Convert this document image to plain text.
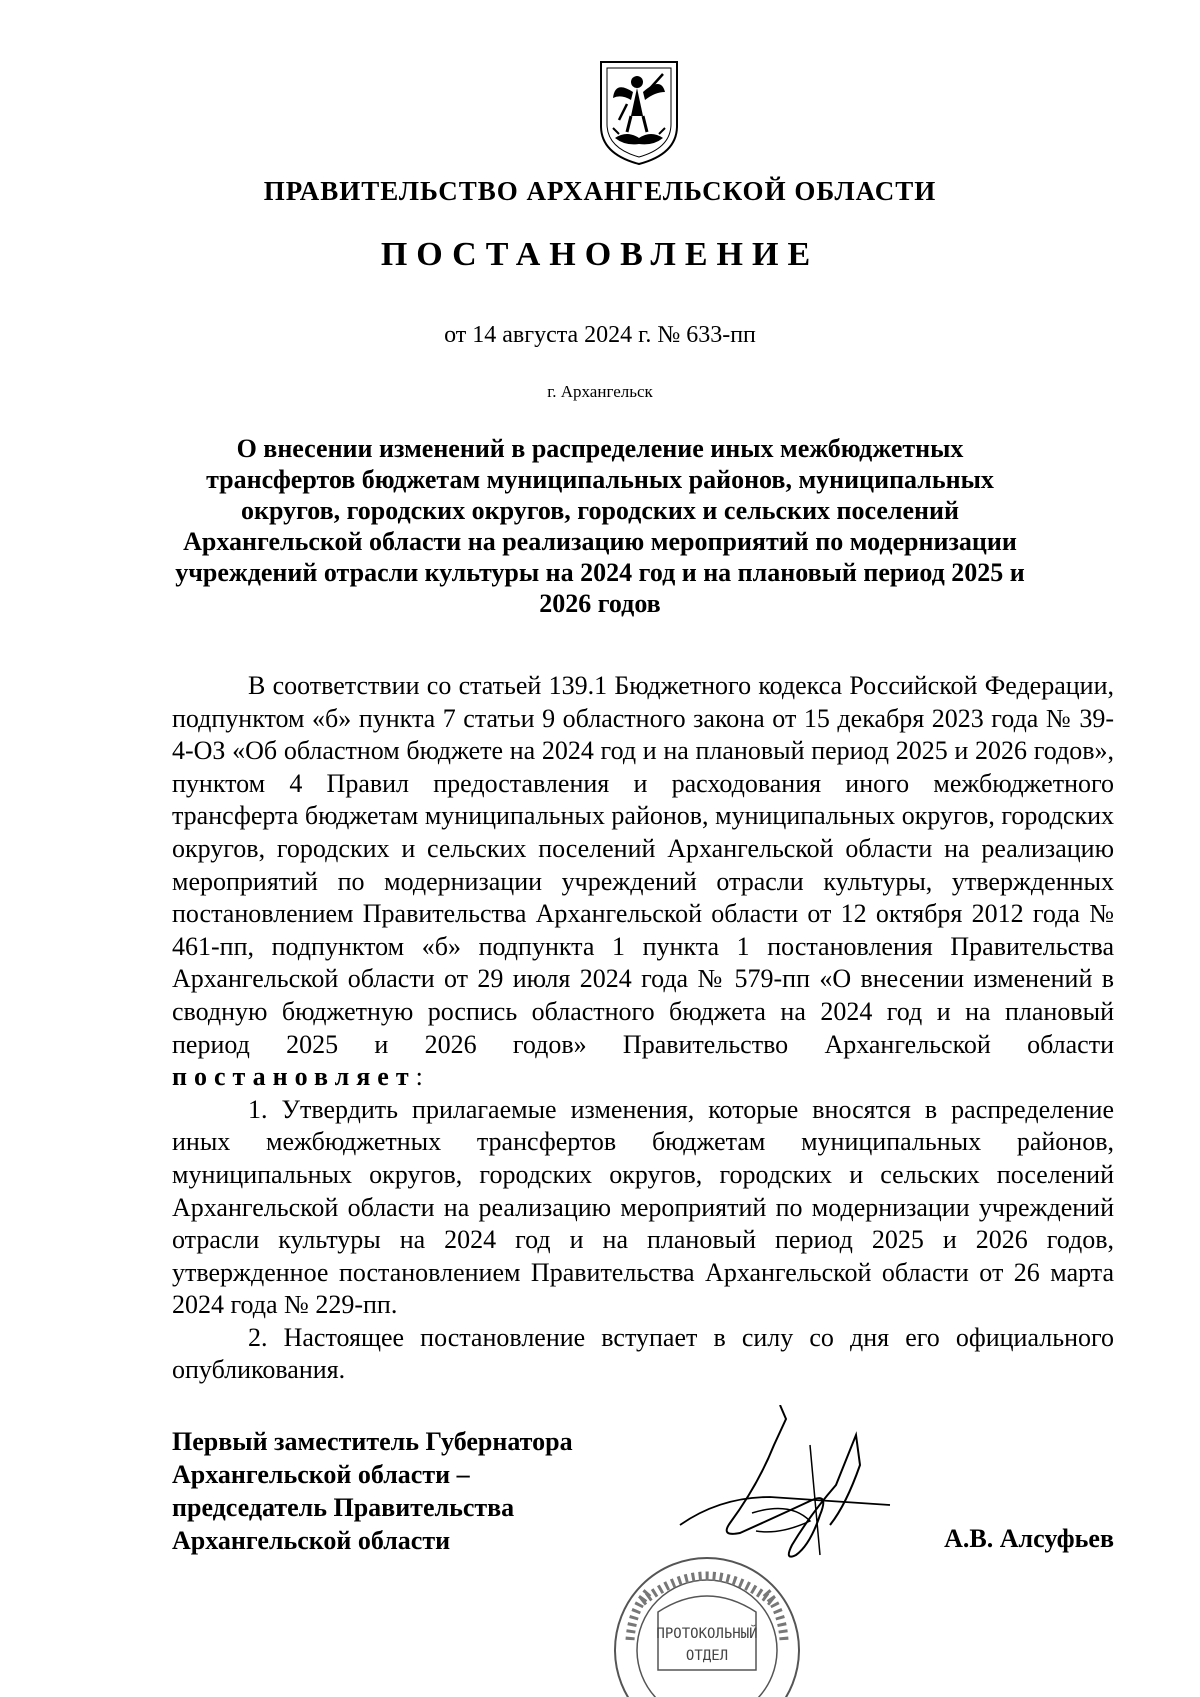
ПРАВИТЕЛЬСТВО АРХАНГЕЛЬСКОЙ ОБЛАСТИ
ПОСТАНОВЛЕНИЕ
от 14 августа 2024 г. № 633-пп
г. Архангельск
О внесении изменений в распределение иных межбюджетных трансфертов бюджетам муниципальных районов, муниципальных округов, городских округов, городских и сельских поселений Архангельской области на реализацию мероприятий по модернизации учреждений отрасли культуры на 2024 год и на плановый период 2025 и 2026 годов

В соответствии со статьей 139.1 Бюджетного кодекса Российской Федерации, подпунктом «б» пункта 7 статьи 9 областного закона от 15 декабря 2023 года № 39-4-ОЗ «Об областном бюджете на 2024 год и на плановый период 2025 и 2026 годов», пунктом 4 Правил предоставления и расходования иного межбюджетного трансферта бюджетам муниципальных районов, муниципальных округов, городских округов, городских и сельских поселений Архангельской области на реализацию мероприятий по модернизации учреждений отрасли культуры, утвержденных постановлением Правительства Архангельской области от 12 октября 2012 года № 461-пп, подпунктом «б» подпункта 1 пункта 1 постановления Правительства Архангельской области от 29 июля 2024 года № 579-пп «О внесении изменений в сводную бюджетную роспись областного бюджета на 2024 год и на плановый период 2025 и 2026 годов» Правительство Архангельской области постановляет:

1. Утвердить прилагаемые изменения, которые вносятся в распределение иных межбюджетных трансфертов бюджетам муниципальных районов, муниципальных округов, городских округов, городских и сельских поселений Архангельской области на реализацию мероприятий по модернизации учреждений отрасли культуры на 2024 год и на плановый период 2025 и 2026 годов, утвержденное постановлением Правительства Архангельской области от 26 марта 2024 года № 229-пп.

2. Настоящее постановление вступает в силу со дня его официального опубликования.

Первый заместитель Губернатора
Архангельской области –
председатель Правительства
Архангельской области	А.В. Алсуфьев
ПРОТОКОЛЬНЫЙ
ОТДЕЛ
